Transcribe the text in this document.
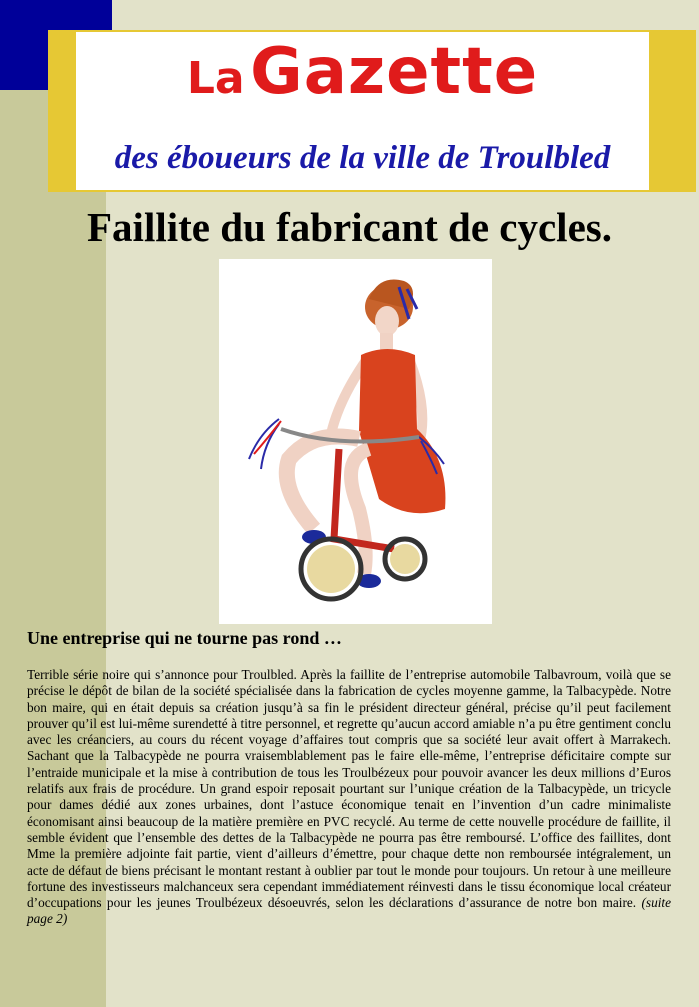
La Gazette
des éboueurs de la ville de Troulbled
Faillite du fabricant de cycles.
Une entreprise qui ne tourne pas rond …

Terrible série noire qui s’annonce pour Troulbled. Après la faillite de l’entreprise automobile Talbavroum, voilà que se précise le dépôt de bilan de la société spécialisée dans la fabrication de cycles moyenne gamme, la Talbacypède. Notre bon maire, qui en était depuis sa création jusqu’à sa fin le président directeur général, précise qu’il peut facilement prouver qu’il est lui-même surendetté à titre personnel, et regrette qu’aucun accord amiable n’a pu être gentiment conclu avec les créanciers, au cours du récent voyage d’affaires tout compris que sa société leur avait offert à Marrakech. Sachant que la Talbacypède ne pourra vraisemblablement pas le faire elle-même, l’entreprise déficitaire compte sur l’entraide municipale et la mise à contribution de tous les Troulbézeux pour pouvoir avancer les deux millions d’Euros relatifs aux frais de procédure. Un grand espoir reposait pourtant sur l’unique création de la Talbacypède, un tricycle pour dames dédié aux zones urbaines, dont l’astuce économique tenait en l’invention d’un cadre minimaliste économisant ainsi beaucoup de la matière première en PVC recyclé. Au terme de cette nouvelle procédure de faillite, il semble évident que l’ensemble des dettes de la Talbacypède ne pourra pas être remboursé. L’office des faillites, dont Mme la première adjointe fait partie, vient d’ailleurs d’émettre, pour chaque dette non remboursée intégralement, un acte de défaut de biens précisant le montant restant à oublier par tout le monde pour toujours. Un retour à une meilleure fortune des investisseurs malchanceux sera cependant immédiatement réinvesti dans le tissu économique local créateur d’occupations pour les jeunes Troulbézeux désoeuvrés, selon les déclarations d’assurance de notre bon maire. (suite page 2)
